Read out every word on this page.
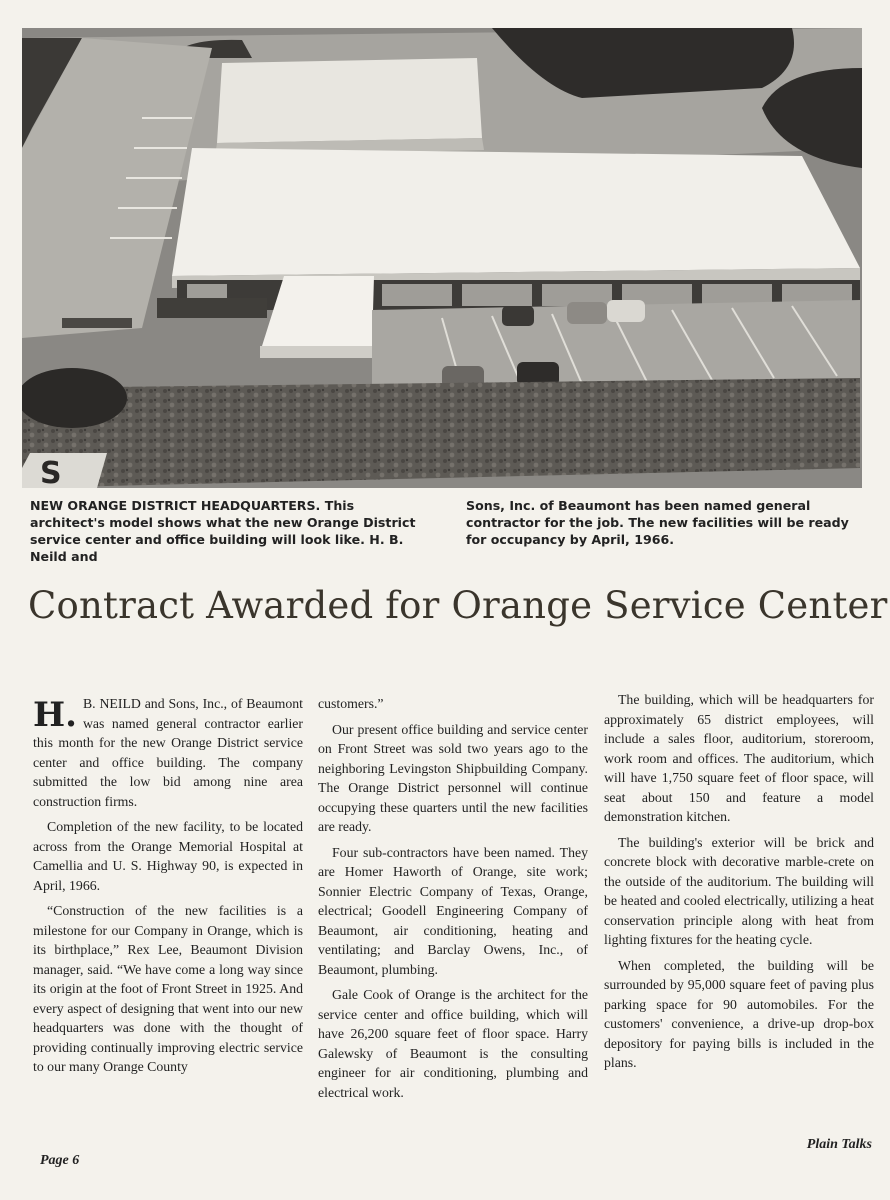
S

NEW ORANGE DISTRICT HEADQUARTERS. This architect's model shows what the new Orange District service center and office building will look like. H. B. Neild and

Sons, Inc. of Beaumont has been named general contractor for the job. The new facilities will be ready for occupancy by April, 1966.

Contract Awarded for Orange Service Center
H. B. NEILD and Sons, Inc., of Beaumont was named general contractor earlier this month for the new Orange District service center and office building. The company submitted the low bid among nine area construction firms.

Completion of the new facility, to be located across from the Orange Memorial Hospital at Camellia and U. S. Highway 90, is expected in April, 1966.

“Construction of the new facilities is a milestone for our Company in Orange, which is its birthplace,” Rex Lee, Beaumont Division manager, said. “We have come a long way since its origin at the foot of Front Street in 1925. And every aspect of designing that went into our new headquarters was done with the thought of providing continually improving electric service to our many Orange County

customers.”

Our present office building and service center on Front Street was sold two years ago to the neighboring Levingston Shipbuilding Company. The Orange District personnel will continue occupying these quarters until the new facilities are ready.

Four sub-contractors have been named. They are Homer Haworth of Orange, site work; Sonnier Electric Company of Texas, Orange, electrical; Goodell Engineering Company of Beaumont, air conditioning, heating and ventilating; and Barclay Owens, Inc., of Beaumont, plumbing.

Gale Cook of Orange is the architect for the service center and office building, which will have 26,200 square feet of floor space. Harry Galewsky of Beaumont is the consulting engineer for air conditioning, plumbing and electrical work.

The building, which will be headquarters for approximately 65 district employees, will include a sales floor, auditorium, storeroom, work room and offices. The auditorium, which will have 1,750 square feet of floor space, will seat about 150 and feature a model demonstration kitchen.

The building's exterior will be brick and concrete block with decorative marble-crete on the outside of the auditorium. The building will be heated and cooled electrically, utilizing a heat conservation principle along with heat from lighting fixtures for the heating cycle.

When completed, the building will be surrounded by 95,000 square feet of paving plus parking space for 90 automobiles. For the customers' convenience, a drive-up drop-box depository for paying bills is included in the plans.

Page 6
Plain Talks
